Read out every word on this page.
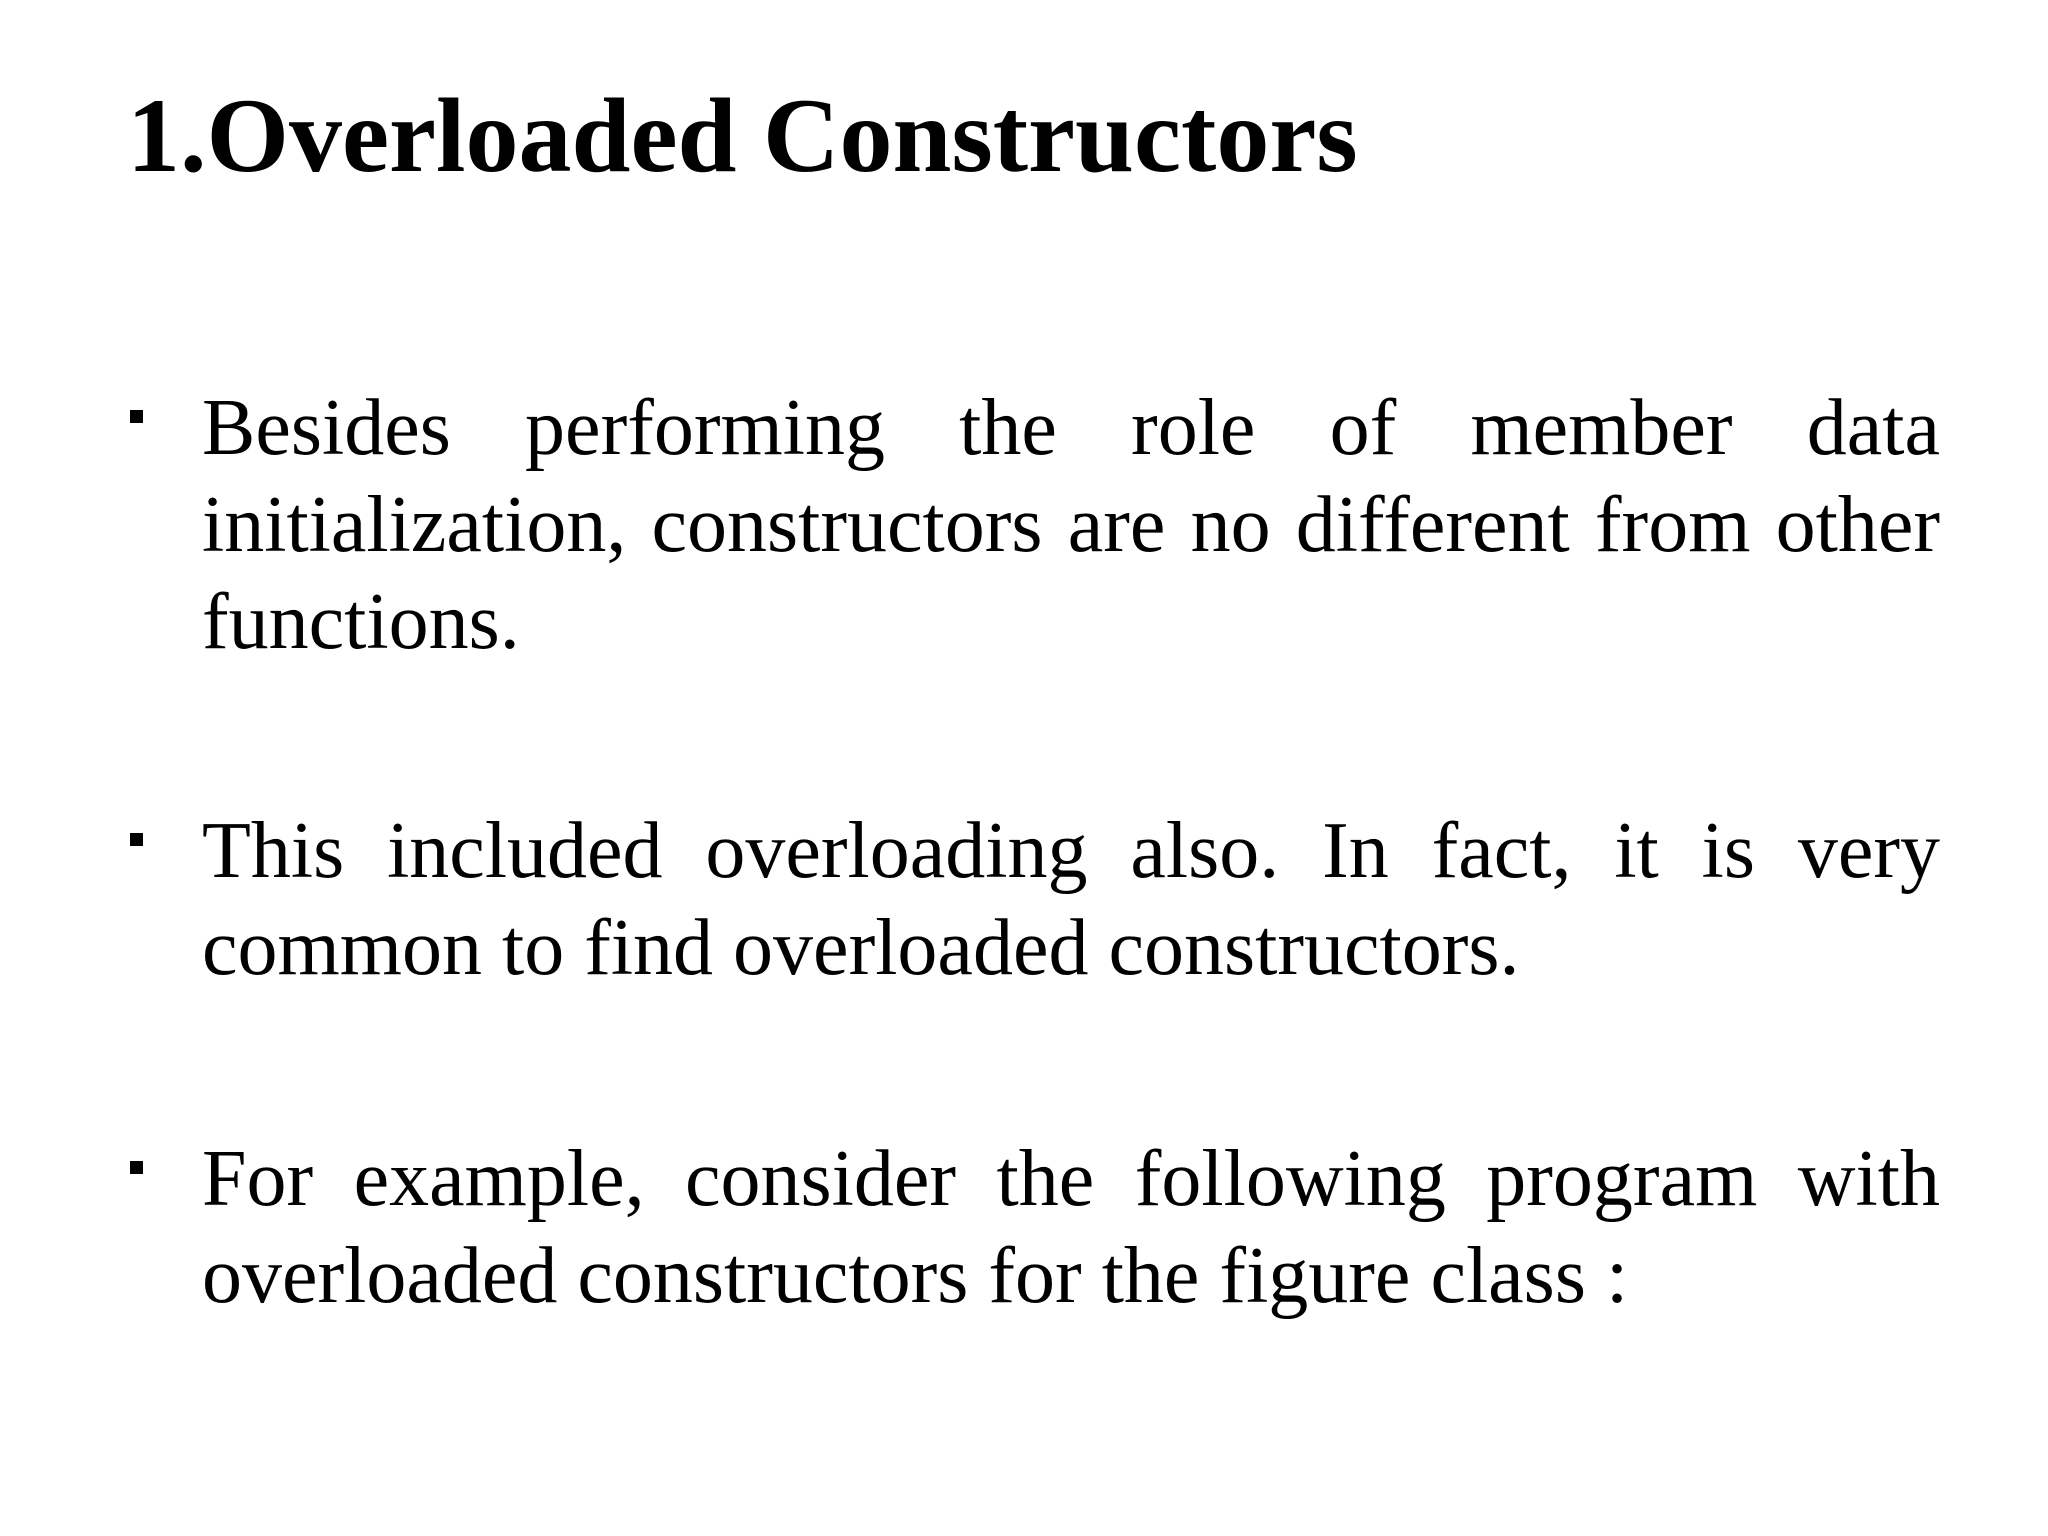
1.Overloaded Constructors

Besides performing the role of member data initialization, constructors are no different from other functions.

This included overloading also. In fact, it is very common to find overloaded constructors.

For example, consider the following program with overloaded constructors for the figure class :
